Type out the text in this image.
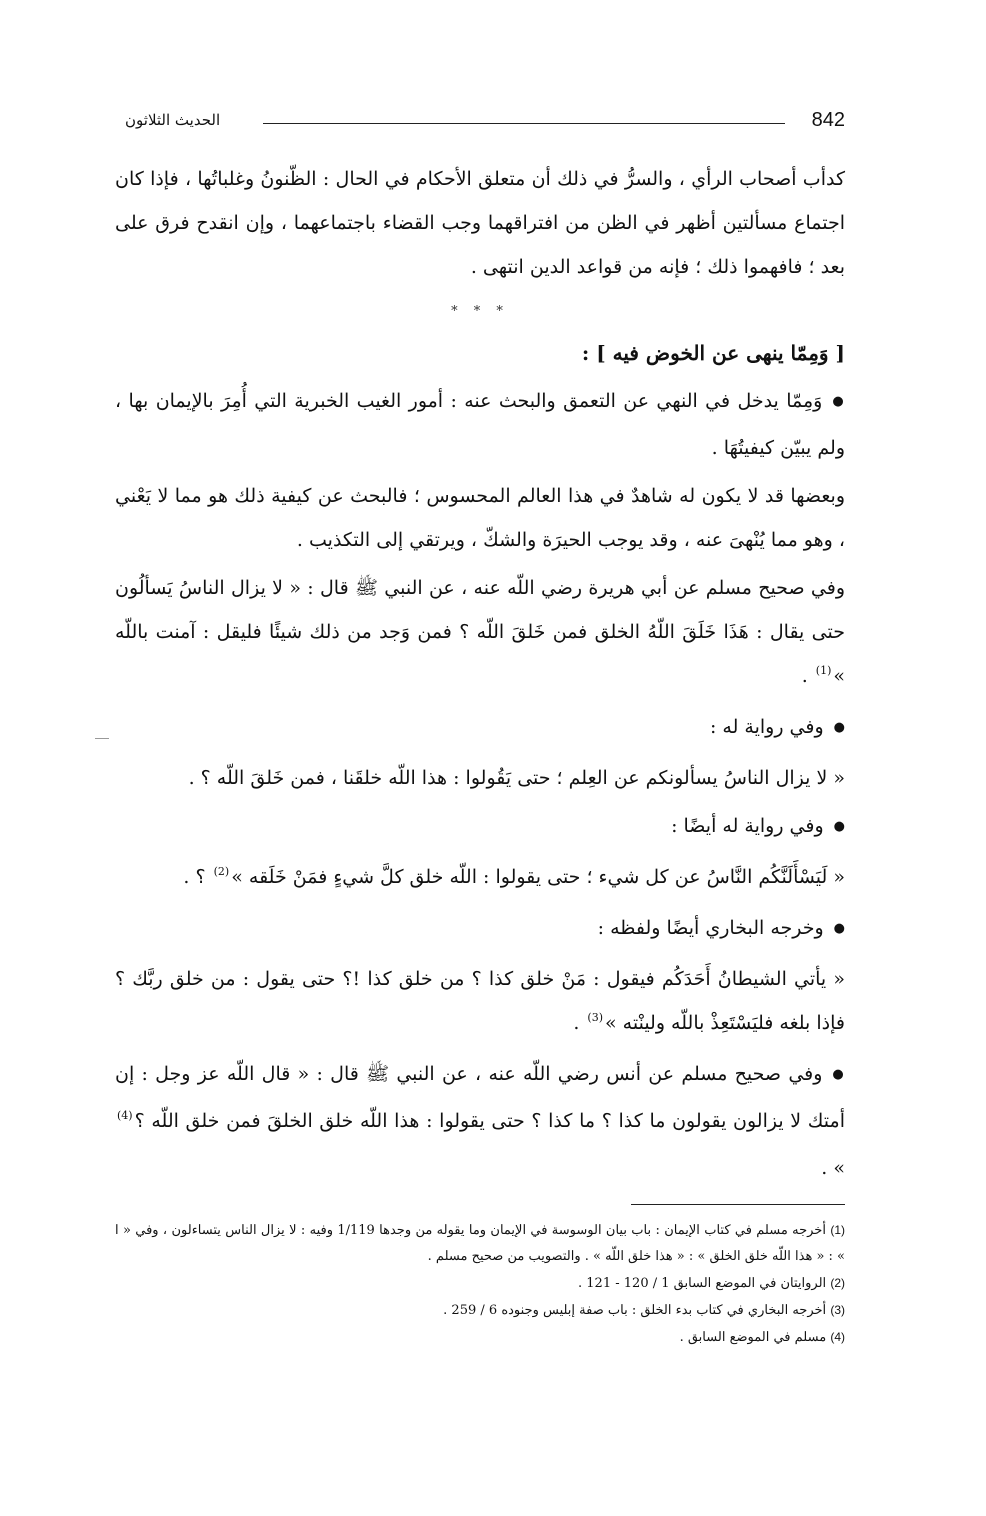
842
الحديث الثلاثون

كدأب أصحاب الرأي ، والسرُّ في ذلك أن متعلق الأحكام في الحال : الظّنونُ وغلباتُها ، فإذا كان اجتماع مسألتين أظهر في الظن من افتراقهما وجب القضاء باجتماعهما ، وإن انقدح فرق على بعد ؛ فافهموا ذلك ؛ فإنه من قواعد الدين انتهى .

* * *

[ وَمِمّا ينهى عن الخوض فيه ] :

● وَمِمّا يدخل في النهي عن التعمق والبحث عنه : أمور الغيب الخبرية التي أُمِرَ بالإيمان بها ، ولم يبيّن كيفيتُهَا .

وبعضها قد لا يكون له شاهدٌ في هذا العالم المحسوس ؛ فالبحث عن كيفية ذلك هو مما لا يَعْني ، وهو مما يُنْهىَ عنه ، وقد يوجب الحيرَة والشكّ ، ويرتقي إلى التكذيب .

وفي صحيح مسلم عن أبي هريرة رضي اللّه عنه ، عن النبي ﷺ قال : « لا يزال الناسُ يَسألُون حتى يقال : هَذَا خَلَقَ اللّهُ الخلق فمن خَلقَ اللّه ؟ فمن وَجد من ذلك شيئًا فليقل : آمنت باللّه »$^{(1)}$ .

● وفي رواية له :

« لا يزال الناسُ يسألونكم عن العِلم ؛ حتى يَقُولوا : هذا اللّه خلقَنا ، فمن خَلقَ اللّه ؟ .

● وفي رواية له أيضًا :

« لَيَسْأَلَنَّكُم النَّاسُ عن كل شيء ؛ حتى يقولوا : اللّه خلق كلَّ شيءٍ فمَنْ خَلَقه »$^{(2)}$ ؟ .

● وخرجه البخاري أيضًا ولفظه :

« يأتي الشيطانُ أَحَدَكُم فيقول : مَنْ خلق كذا ؟ من خلق كذا !؟ حتى يقول : من خلق ربَّك ؟ فإذا بلغه فليَسْتَعِذْ باللّه ولينْته »$^{(3)}$ .

● وفي صحيح مسلم عن أنس رضي اللّه عنه ، عن النبي ﷺ قال : « قال اللّه عز وجل : إن أمتك لا يزالون يقولون ما كذا ؟ ما كذا ؟ حتى يقولوا : هذا اللّه خلق الخلقَ فمن خلق اللّه ؟$^{(4)}$ » .

(1) أخرجه مسلم في كتاب الإيمان : باب بيان الوسوسة في الإيمان وما يقوله من وجدها 1/119 وفيه : لا يزال الناس يتساءلون ، وفي « ا » : « هذا اللّه خلق الخلق » : « هذا خلق اللّه » . والتصويب من صحيح مسلم .

(2) الروايتان في الموضع السابق 1 / 120 - 121 .

(3) أخرجه البخاري في كتاب بدء الخلق : باب صفة إبليس وجنوده 6 / 259 .

(4) مسلم في الموضع السابق .
